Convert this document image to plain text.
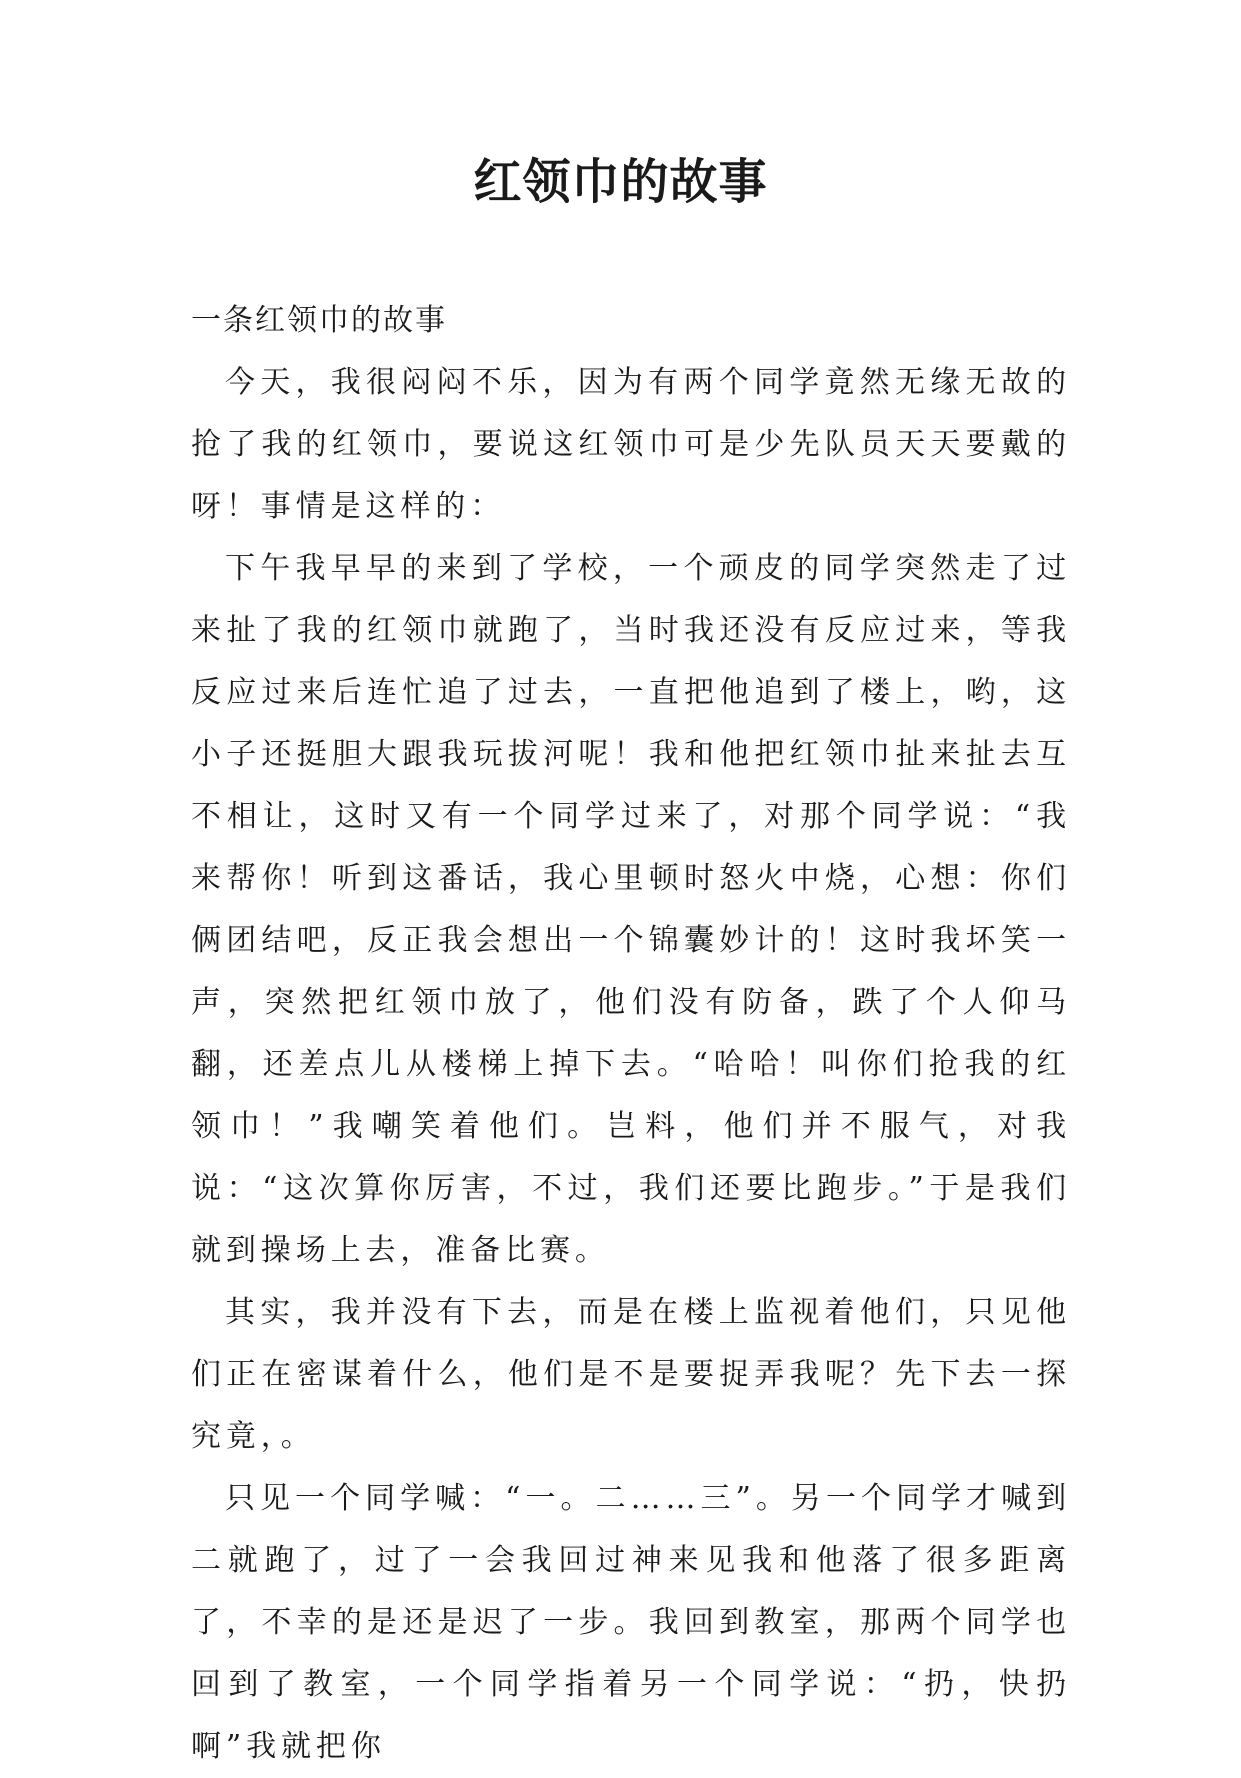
红领巾的故事

一条红领巾的故事

今天，我很闷闷不乐，因为有两个同学竟然无缘无故的抢了我的红领巾，要说这红领巾可是少先队员天天要戴的呀！事情是这样的：

下午我早早的来到了学校，一个顽皮的同学突然走了过来扯了我的红领巾就跑了，当时我还没有反应过来，等我反应过来后连忙追了过去，一直把他追到了楼上，哟，这小子还挺胆大跟我玩拔河呢！我和他把红领巾扯来扯去互不相让，这时又有一个同学过来了，对那个同学说：“我来帮你！听到这番话，我心里顿时怒火中烧，心想：你们俩团结吧，反正我会想出一个锦囊妙计的！这时我坏笑一声，突然把红领巾放了，他们没有防备，跌了个人仰马翻，还差点儿从楼梯上掉下去。“哈哈！叫你们抢我的红领巾！”我嘲笑着他们。岂料，他们并不服气，对我说：“这次算你厉害，不过，我们还要比跑步。”于是我们就到操场上去，准备比赛。

其实，我并没有下去，而是在楼上监视着他们，只见他们正在密谋着什么，他们是不是要捉弄我呢？先下去一探究竟，。

只见一个同学喊：“一。二……三”。另一个同学才喊到二就跑了，过了一会我回过神来见我和他落了很多距离了，不幸的是还是迟了一步。我回到教室，那两个同学也回到了教室，一个同学指着另一个同学说：“扔，快扔啊”我就把你
